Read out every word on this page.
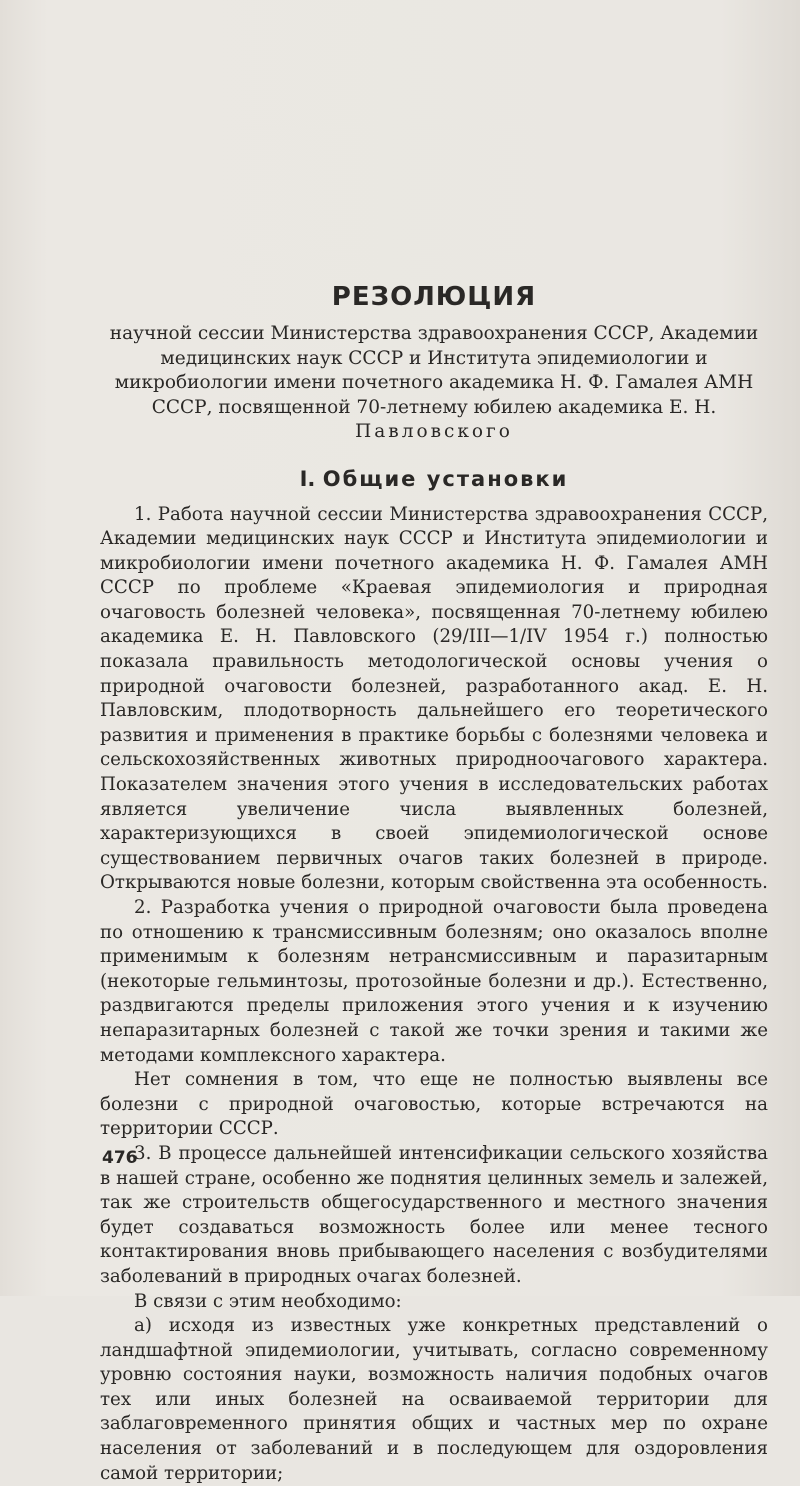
РЕЗОЛЮЦИЯ
научной сессии Министерства здравоохранения СССР, Академии медицинских наук СССР и Института эпидемиологии и микробиологии имени почетного академика Н. Ф. Гамалея АМН СССР, посвященной 70-летнему юбилею академика Е. Н. Павловского
I. Общие установки

1. Работа научной сессии Министерства здравоохранения СССР, Академии медицинских наук СССР и Института эпидемиологии и микробиологии имени почетного академика Н. Ф. Гамалея АМН СССР по проблеме «Краевая эпидемиология и природная очаговость болезней человека», посвященная 70-летнему юбилею академика Е. Н. Павловского (29/III—1/IV 1954 г.) полностью показала правильность методологической основы учения о природной очаговости болезней, разработанного акад. Е. Н. Павловским, плодотворность дальнейшего его теоретического развития и применения в практике борьбы с болезнями человека и сельскохозяйственных животных природноочагового характера. Показателем значения этого учения в исследовательских работах является увеличение числа выявленных болезней, характеризующихся в своей эпидемиологической основе существованием первичных очагов таких болезней в природе. Открываются новые болезни, которым свойственна эта особенность.

2. Разработка учения о природной очаговости была проведена по отношению к трансмиссивным болезням; оно оказалось вполне применимым к болезням нетрансмиссивным и паразитарным (некоторые гельминтозы, протозойные болезни и др.). Естественно, раздвигаются пределы приложения этого учения и к изучению непаразитарных болезней с такой же точки зрения и такими же методами комплексного характера.

Нет сомнения в том, что еще не полностью выявлены все болезни с природной очаговостью, которые встречаются на территории СССР.

3. В процессе дальнейшей интенсификации сельского хозяйства в нашей стране, особенно же поднятия целинных земель и залежей, так же строительств общегосударственного и местного значения будет создаваться возможность более или менее тесного контактирования вновь прибывающего населения с возбудителями заболеваний в природных очагах болезней.

В связи с этим необходимо:

а) исходя из известных уже конкретных представлений о ландшафтной эпидемиологии, учитывать, согласно современному уровню состояния науки, возможность наличия подобных очагов тех или иных болезней на осваиваемой территории для заблаговременного принятия общих и частных мер по охране населения от заболеваний и в последующем для оздоровления самой территории;

476
